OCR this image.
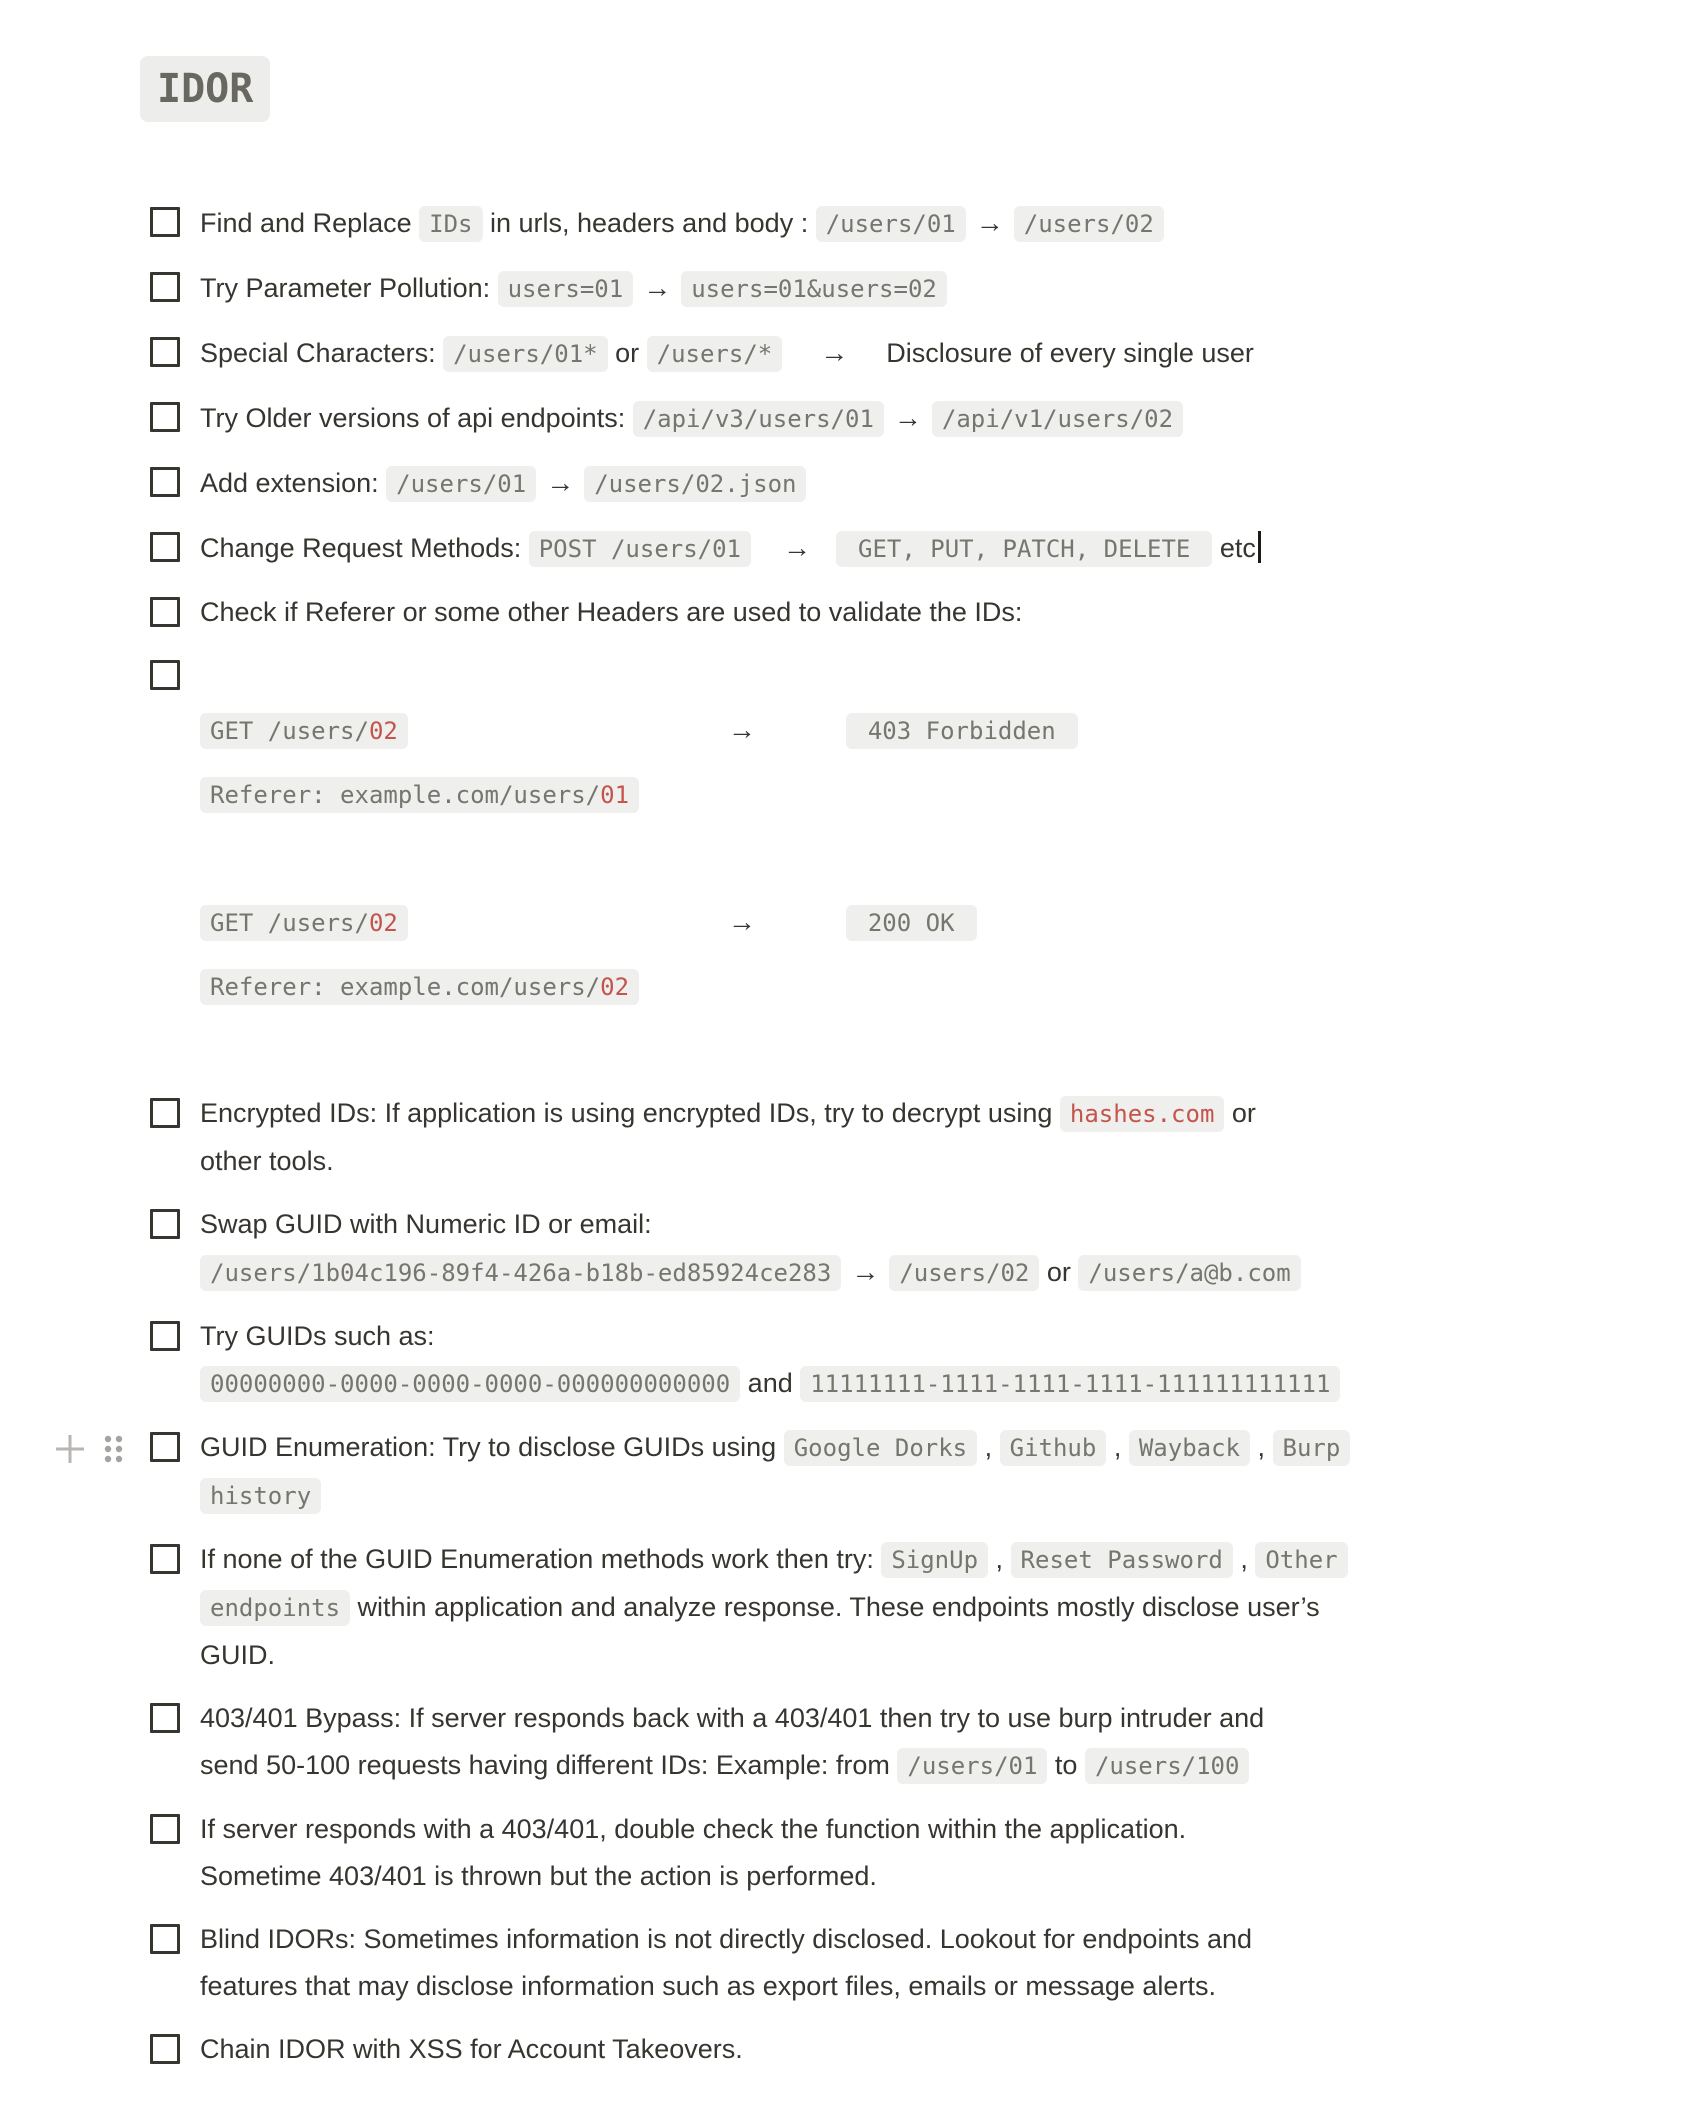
IDOR
Find and Replace IDs in urls, headers and body : /users/01 → /users/02
Try Parameter Pollution: users=01 → users=01&users=02
Special Characters: /users/01* or /users/* → Disclosure of every single user
Try Older versions of api endpoints: /api/v3/users/01 → /api/v1/users/02
Add extension: /users/01 → /users/02.json
Change Request Methods: POST /users/01 → GET, PUT, PATCH, DELETE etc
Check if Referer or some other Headers are used to validate the IDs:
GET /users/02	→	403 Forbidden
Referer: example.com/users/01
GET /users/02	→	200 OK
Referer: example.com/users/02
Encrypted IDs: If application is using encrypted IDs, try to decrypt using hashes.com or
other tools.
Swap GUID with Numeric ID or email:
/users/1b04c196-89f4-426a-b18b-ed85924ce283 → /users/02 or /users/a@b.com
Try GUIDs such as:
00000000-0000-0000-0000-000000000000 and 11111111-1111-1111-1111-111111111111
GUID Enumeration: Try to disclose GUIDs using Google Dorks , Github , Wayback , Burp
history
If none of the GUID Enumeration methods work then try: SignUp , Reset Password , Other
endpoints within application and analyze response. These endpoints mostly disclose user’s
GUID.
403/401 Bypass: If server responds back with a 403/401 then try to use burp intruder and
send 50-100 requests having different IDs: Example: from /users/01 to /users/100
If server responds with a 403/401, double check the function within the application.
Sometime 403/401 is thrown but the action is performed.
Blind IDORs: Sometimes information is not directly disclosed. Lookout for endpoints and
features that may disclose information such as export files, emails or message alerts.
Chain IDOR with XSS for Account Takeovers.
